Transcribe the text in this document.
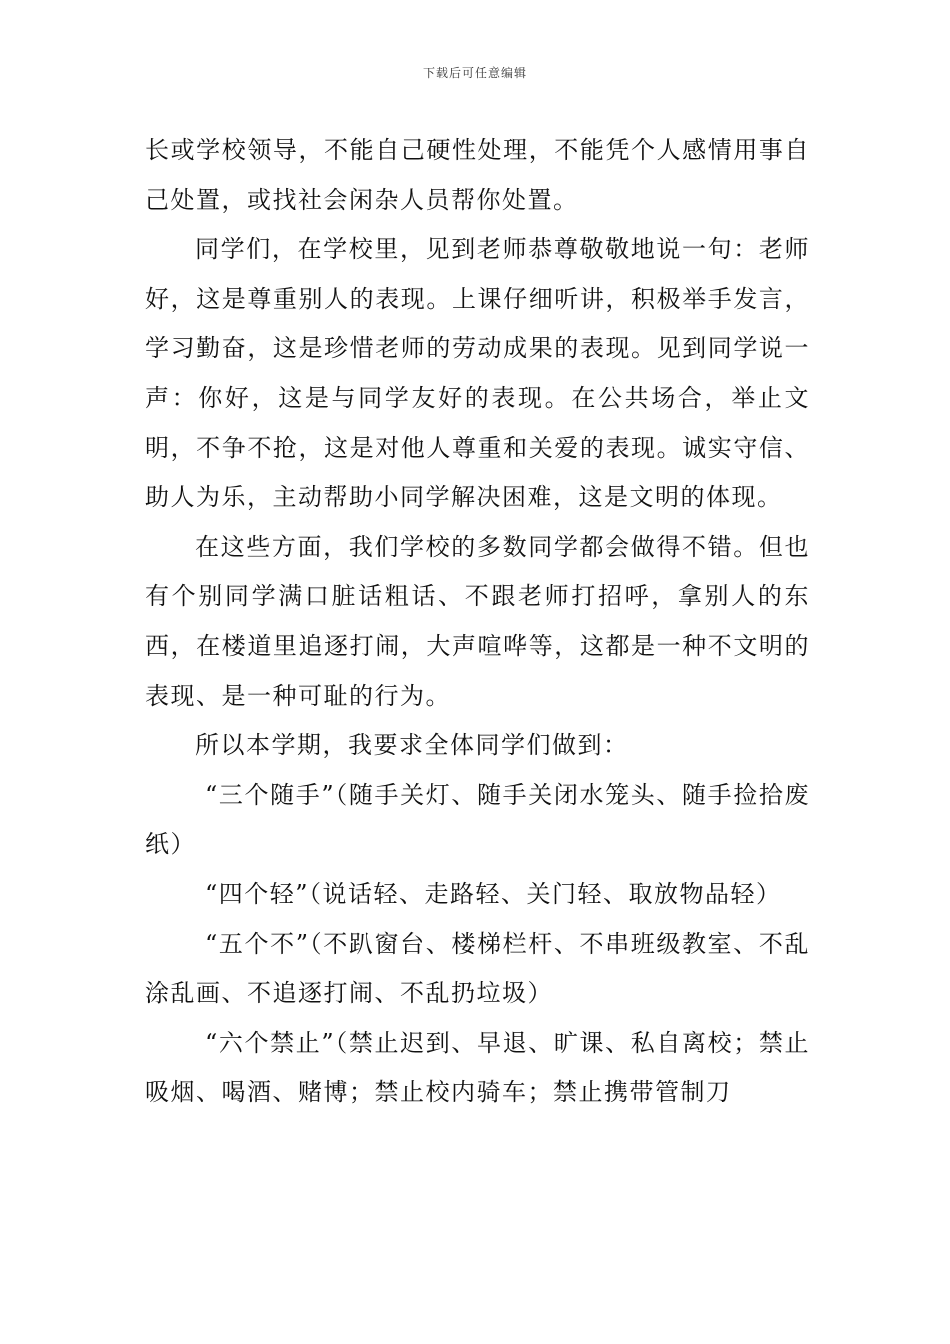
下载后可任意编辑

长或学校领导，不能自己硬性处理，不能凭个人感情用事自己处置，或找社会闲杂人员帮你处置。

同学们，在学校里，见到老师恭尊敬敬地说一句：老师好，这是尊重别人的表现。上课仔细听讲，积极举手发言，学习勤奋，这是珍惜老师的劳动成果的表现。见到同学说一声：你好，这是与同学友好的表现。在公共场合，举止文明，不争不抢，这是对他人尊重和关爱的表现。诚实守信、助人为乐，主动帮助小同学解决困难，这是文明的体现。

在这些方面，我们学校的多数同学都会做得不错。但也有个别同学满口脏话粗话、不跟老师打招呼，拿别人的东西，在楼道里追逐打闹，大声喧哗等，这都是一种不文明的表现、是一种可耻的行为。

所以本学期，我要求全体同学们做到：

“三个随手”（随手关灯、随手关闭水笼头、随手捡拾废纸）

“四个轻”（说话轻、走路轻、关门轻、取放物品轻）

“五个不”（不趴窗台、楼梯栏杆、不串班级教室、不乱涂乱画、不追逐打闹、不乱扔垃圾）

“六个禁止”（禁止迟到、早退、旷课、私自离校；禁止吸烟、喝酒、赌博；禁止校内骑车；禁止携带管制刀
